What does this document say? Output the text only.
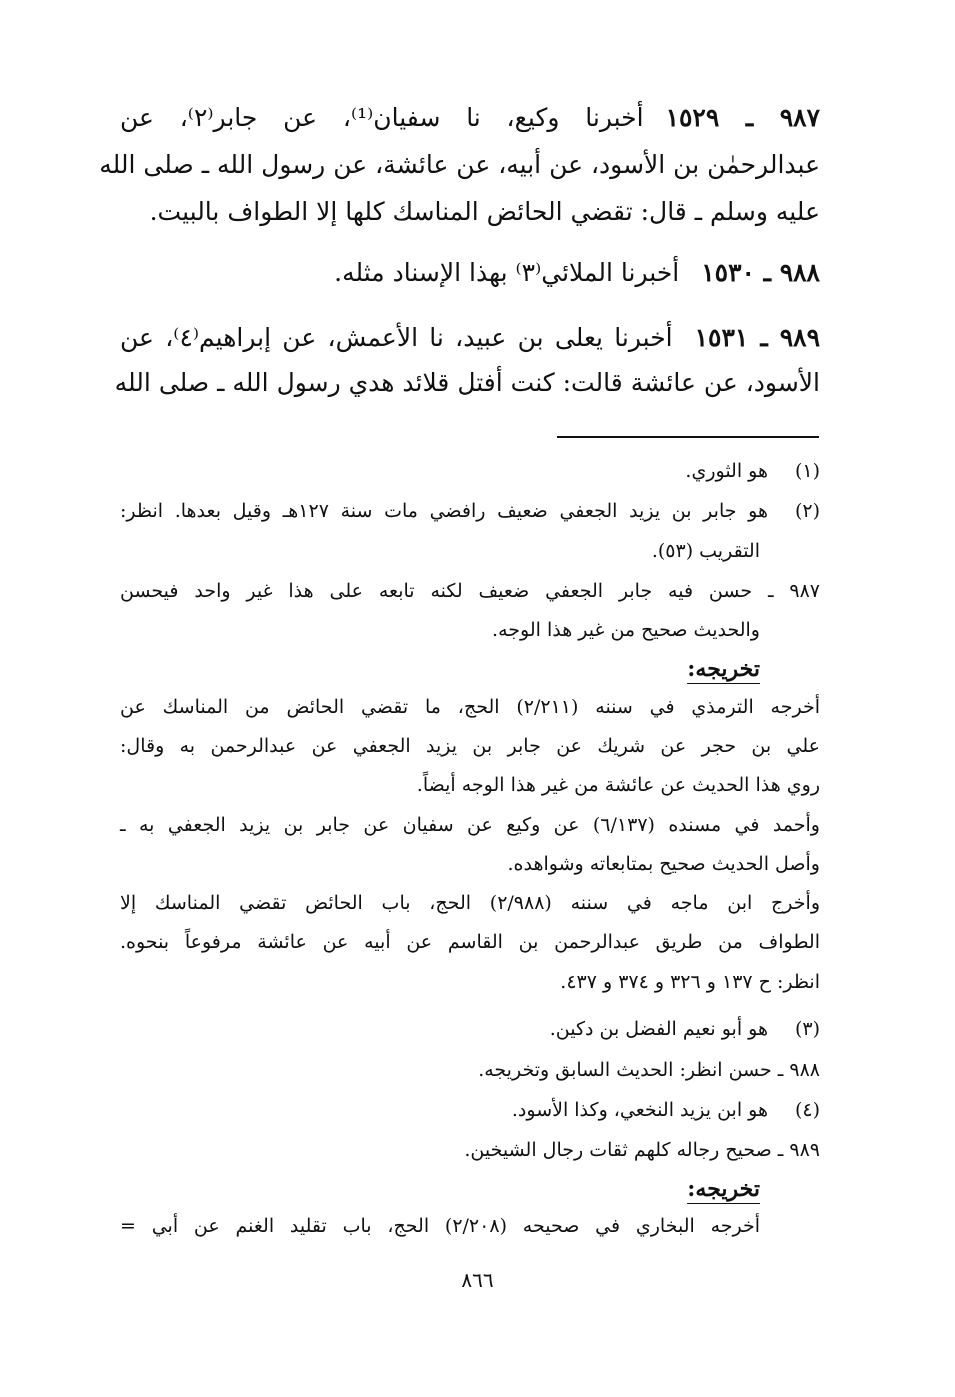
٩٨٧ ـ ١٥٢٩أخبرنا وكيع، نا سفيان⁽¹⁾، عن جابر⁽٢⁾، عن
عبدالرحمٰن بن الأسود، عن أبيه، عن عائشة، عن رسول الله ـ صلى الله
عليه وسلم ـ قال: تقضي الحائض المناسك كلها إلا الطواف بالبيت.
٩٨٨ ـ ١٥٣٠أخبرنا الملائي⁽٣⁾ بهذا الإسناد مثله.
٩٨٩ ـ ١٥٣١أخبرنا يعلى بن عبيد، نا الأعمش، عن إبراهيم⁽٤⁾، عن
الأسود، عن عائشة قالت: كنت أفتل قلائد هدي رسول الله ـ صلى الله
(١)هو الثوري.
(٢)هو جابر بن يزيد الجعفي ضعيف رافضي مات سنة ١٢٧هـ وقيل بعدها. انظر:
التقريب (٥٣).
٩٨٧ ـ حسن فيه جابر الجعفي ضعيف لكنه تابعه على هذا غير واحد فيحسن
والحديث صحيح من غير هذا الوجه.
تخريجه:
أخرجه الترمذي في سننه (٢/٢١١) الحج، ما تقضي الحائض من المناسك عن
علي بن حجر عن شريك عن جابر بن يزيد الجعفي عن عبدالرحمن به وقال:
روي هذا الحديث عن عائشة من غير هذا الوجه أيضاً.
وأحمد في مسنده (٦/١٣٧) عن وكيع عن سفيان عن جابر بن يزيد الجعفي به ـ
وأصل الحديث صحيح بمتابعاته وشواهده.
وأخرج ابن ماجه في سننه (٢/٩٨٨) الحج، باب الحائض تقضي المناسك إلا
الطواف من طريق عبدالرحمن بن القاسم عن أبيه عن عائشة مرفوعاً بنحوه.
انظر: ح ١٣٧ و ٣٢٦ و ٣٧٤ و ٤٣٧.
(٣)هو أبو نعيم الفضل بن دكين.
٩٨٨ ـ حسن انظر: الحديث السابق وتخريجه.
(٤)هو ابن يزيد النخعي، وكذا الأسود.
٩٨٩ ـ صحيح رجاله كلهم ثقات رجال الشيخين.
تخريجه:
أخرجه البخاري في صحيحه (٢/٢٠٨) الحج، باب تقليد الغنم عن أبي =
٨٦٦
